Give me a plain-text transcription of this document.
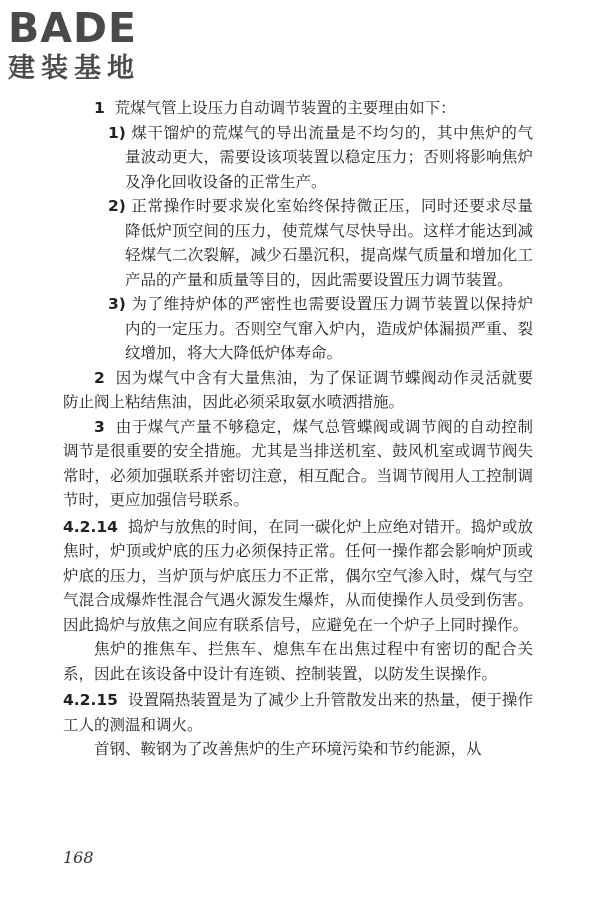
BADE
建装基地

1 荒煤气管上设压力自动调节装置的主要理由如下：

1) 煤干馏炉的荒煤气的导出流量是不均匀的，其中焦炉的气量波动更大，需要设该项装置以稳定压力；否则将影响焦炉及净化回收设备的正常生产。

2) 正常操作时要求炭化室始终保持微正压，同时还要求尽量降低炉顶空间的压力，使荒煤气尽快导出。这样才能达到减轻煤气二次裂解，减少石墨沉积，提高煤气质量和增加化工产品的产量和质量等目的，因此需要设置压力调节装置。

3) 为了维持炉体的严密性也需要设置压力调节装置以保持炉内的一定压力。否则空气窜入炉内，造成炉体漏损严重、裂纹增加，将大大降低炉体寿命。

2 因为煤气中含有大量焦油，为了保证调节蝶阀动作灵活就要防止阀上粘结焦油，因此必须采取氨水喷洒措施。

3 由于煤气产量不够稳定，煤气总管蝶阀或调节阀的自动控制调节是很重要的安全措施。尤其是当排送机室、鼓风机室或调节阀失常时，必须加强联系并密切注意，相互配合。当调节阀用人工控制调节时，更应加强信号联系。

4.2.14 捣炉与放焦的时间，在同一碳化炉上应绝对错开。捣炉或放焦时，炉顶或炉底的压力必须保持正常。任何一操作都会影响炉顶或炉底的压力，当炉顶与炉底压力不正常，偶尔空气渗入时，煤气与空气混合成爆炸性混合气遇火源发生爆炸，从而使操作人员受到伤害。因此捣炉与放焦之间应有联系信号，应避免在一个炉子上同时操作。

焦炉的推焦车、拦焦车、熄焦车在出焦过程中有密切的配合关系，因此在该设备中设计有连锁、控制装置，以防发生误操作。

4.2.15 设置隔热装置是为了减少上升管散发出来的热量，便于操作工人的测温和调火。

首钢、鞍钢为了改善焦炉的生产环境污染和节约能源，从

168
